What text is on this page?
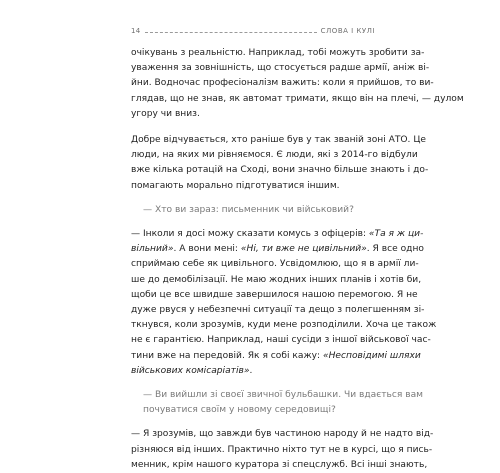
14	СЛОВА І КУЛІ

очікувань з реальністю. Наприклад, тобі можуть зробити за-
уваження за зовнішність, що стосується радше армії, аніж ві-
йни. Водночас професіоналізм важить: коли я прийшов, то ви-
глядав, що не знав, як автомат тримати, якщо він на плечі, — дулом
угору чи вниз.

Добре відчувається, хто раніше був у так званій зоні АТО. Це
люди, на яких ми рівняємося. Є люди, які з 2014-го відбули
вже кілька ротацій на Сході, вони значно більше знають і до-
помагають морально підготуватися іншим.

— Хто ви зараз: письменник чи військовий?

— Інколи я досі можу сказати комусь з офіцерів: «Та я ж ци-
вільний». А вони мені: «Ні, ти вже не цивільний». Я все одно
сприймаю себе як цивільного. Усвідомлюю, що я в армії ли-
ше до демобілізації. Не маю жодних інших планів і хотів би,
щоби це все швидше завершилося нашою перемогою. Я не
дуже рвуся у небезпечні ситуації та дещо з полегшенням зі-
ткнувся, коли зрозумів, куди мене розподілили. Хоча це також
не є гарантією. Наприклад, наші сусіди з іншої військової час-
тини вже на передовій. Як я собі кажу: «Несповідимі шляхи
військових комісаріатів».

— Ви вийшли зі своєї звичної бульбашки. Чи вдається вам
почуватися своїм у новому середовищі?

— Я зрозумів, що завжди був частиною народу й не надто від-
різняюся від інших. Практично ніхто тут не в курсі, що я пись-
менник, крім нашого куратора зі спецслужб. Всі інші знають,
